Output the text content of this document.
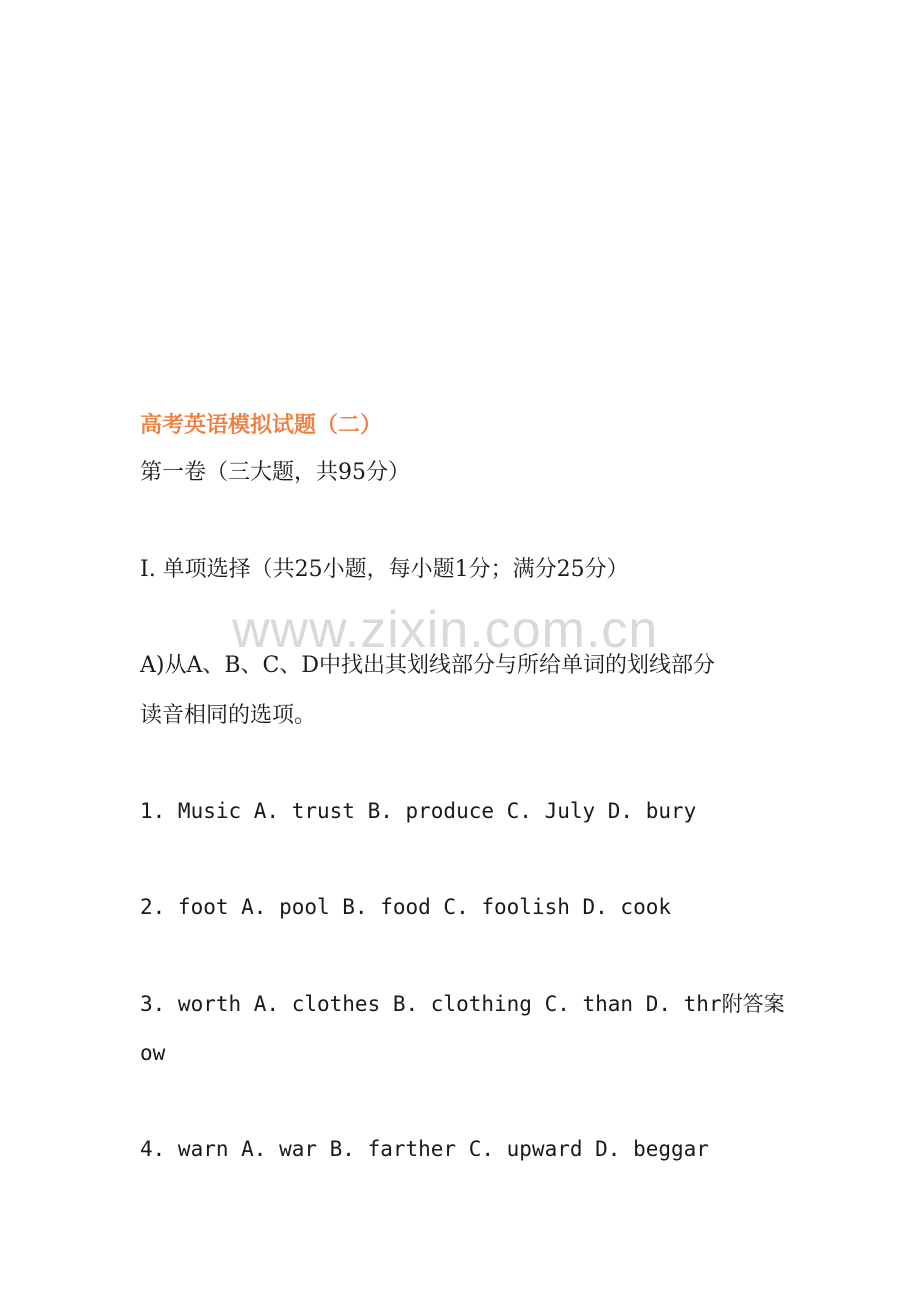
高考英语模拟试题（二）
第一卷（三大题，共95分）
Ⅰ. 单项选择（共25小题，每小题1分；满分25分）
A)从A、B、C、D中找出其划线部分与所给单词的划线部分
读音相同的选项。
1. Music A. trust B. produce C. July D. bury
2. foot A. pool B. food C. foolish D. cook
3. worth A. clothes B. clothing C. than D. thr附答案
ow
4. warn A. war B. farther C. upward D. beggar
www.zixin.com.cn
